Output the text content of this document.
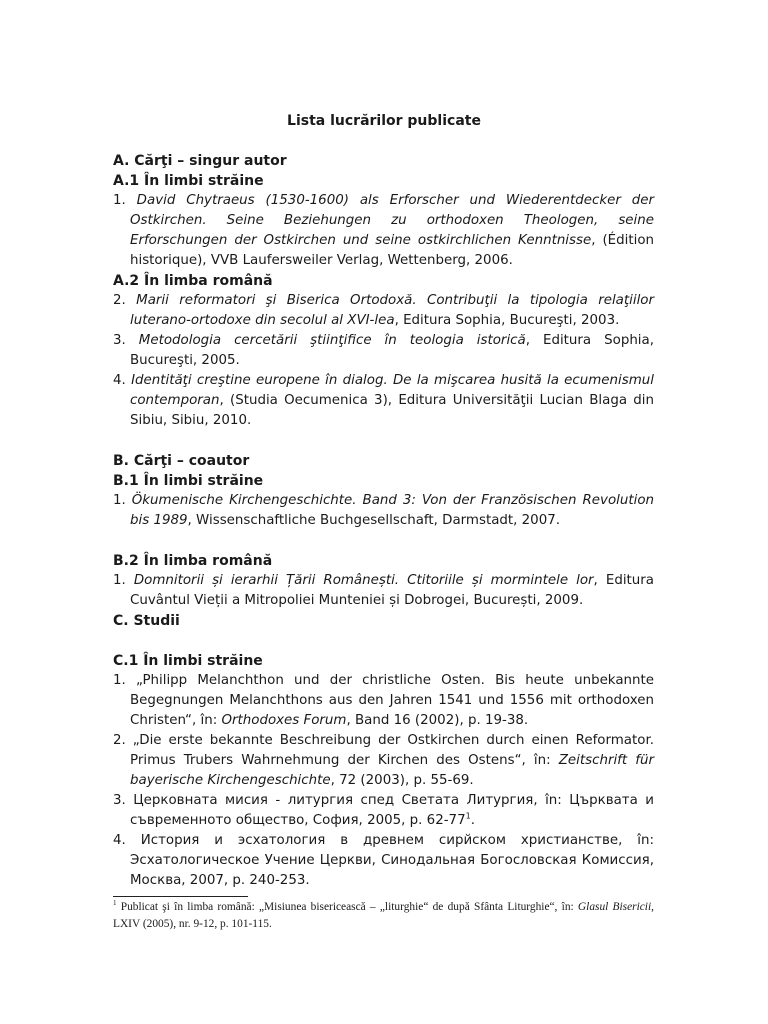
Lista lucrărilor publicate

A. Cărţi – singur autor

A.1 În limbi străine

1. David Chytraeus (1530-1600) als Erforscher und Wiederentdecker der Ostkirchen. Seine Beziehungen zu orthodoxen Theologen, seine Erforschungen der Ostkirchen und seine ostkirchlichen Kenntnisse, (Édition historique), VVB Laufersweiler Verlag, Wettenberg, 2006.

A.2 În limba română

2. Marii reformatori şi Biserica Ortodoxă. Contribuţii la tipologia relaţiilor luterano-ortodoxe din secolul al XVI-lea, Editura Sophia, Bucureşti, 2003.

3. Metodologia cercetării ştiinţifice în teologia istorică, Editura Sophia, Bucureşti, 2005.

4. Identităţi creştine europene în dialog. De la mişcarea husită la ecumenismul contemporan, (Studia Oecumenica 3), Editura Universităţii Lucian Blaga din Sibiu, Sibiu, 2010.

B. Cărţi – coautor

B.1 În limbi străine

1. Ökumenische Kirchengeschichte. Band 3: Von der Französischen Revolution bis 1989, Wissenschaftliche Buchgesellschaft, Darmstadt, 2007.

B.2 În limba română

1. Domnitorii și ierarhii Țării Românești. Ctitoriile și mormintele lor, Editura Cuvântul Vieții a Mitropoliei Munteniei și Dobrogei, București, 2009.

C. Studii

C.1 În limbi străine

1. „Philipp Melanchthon und der christliche Osten. Bis heute unbekannte Begegnungen Melanchthons aus den Jahren 1541 und 1556 mit orthodoxen Christen“, în: Orthodoxes Forum, Band 16 (2002), p. 19-38.

2. „Die erste bekannte Beschreibung der Ostkirchen durch einen Reformator. Primus Trubers Wahrnehmung der Kirchen des Ostens“, în: Zeitschrift für bayerische Kirchengeschichte, 72 (2003), p. 55-69.

3. Церковната мисия - литургия спед Светата Литургия, în: Църквата и съвременното общество, София, 2005, р. $62-77^1$.

4. История и эсхатология в древнем сирйском христианстве, în: Эсхатологическое Учение Церкви, Синодальная Богословская Комиссия, Москва, 2007, р. 240-253.

$^1$ Publicat şi în limba română: „Misiunea bisericească – „liturghie“ de după Sfânta Liturghie“, în: Glasul Bisericii, LXIV (2005), nr. 9-12, p. 101-115.
